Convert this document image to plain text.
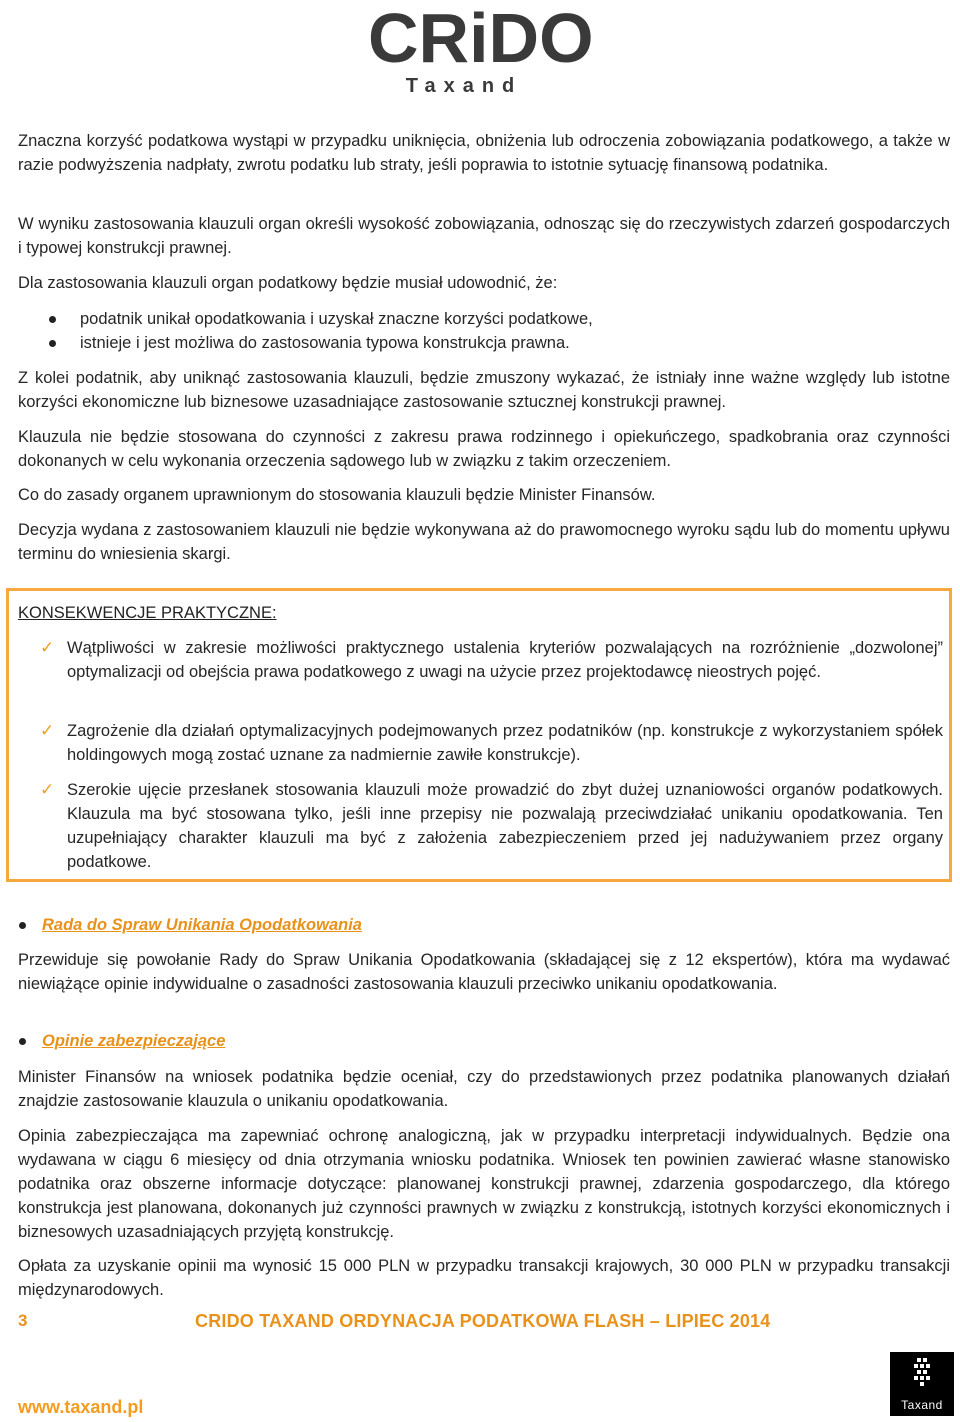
CRiDO
Taxand

Znaczna korzyść podatkowa wystąpi w przypadku uniknięcia, obniżenia lub odroczenia zobowiązania podatkowego, a także w razie podwyższenia nadpłaty, zwrotu podatku lub straty, jeśli poprawia to istotnie sytuację finansową podatnika.

W wyniku zastosowania klauzuli organ określi wysokość zobowiązania, odnosząc się do rzeczywistych zdarzeń gospodarczych i typowej konstrukcji prawnej.

Dla zastosowania klauzuli organ podatkowy będzie musiał udowodnić, że:

podatnik unikał opodatkowania i uzyskał znaczne korzyści podatkowe,
istnieje i jest możliwa do zastosowania typowa konstrukcja prawna.

Z kolei podatnik, aby uniknąć zastosowania klauzuli, będzie zmuszony wykazać, że istniały inne ważne względy lub istotne korzyści ekonomiczne lub biznesowe uzasadniające zastosowanie sztucznej konstrukcji prawnej.

Klauzula nie będzie stosowana do czynności z zakresu prawa rodzinnego i opiekuńczego, spadkobrania oraz czynności dokonanych w celu wykonania orzeczenia sądowego lub w związku z takim orzeczeniem.

Co do zasady organem uprawnionym do stosowania klauzuli będzie Minister Finansów.

Decyzja wydana z zastosowaniem klauzuli nie będzie wykonywana aż do prawomocnego wyroku sądu lub do momentu upływu terminu do wniesienia skargi.

KONSEKWENCJE PRAKTYCZNE:
✓ Wątpliwości w zakresie możliwości praktycznego ustalenia kryteriów pozwalających na rozróżnienie „dozwolonej” optymalizacji od obejścia prawa podatkowego z uwagi na użycie przez projektodawcę nieostrych pojęć.

✓ Zagrożenie dla działań optymalizacyjnych podejmowanych przez podatników (np. konstrukcje z wykorzystaniem spółek holdingowych mogą zostać uznane za nadmiernie zawiłe konstrukcje).

✓ Szerokie ujęcie przesłanek stosowania klauzuli może prowadzić do zbyt dużej uznaniowości organów podatkowych. Klauzula ma być stosowana tylko, jeśli inne przepisy nie pozwalają przeciwdziałać unikaniu opodatkowania. Ten uzupełniający charakter klauzuli ma być z założenia zabezpieczeniem przed jej nadużywaniem przez organy podatkowe.

Rada do Spraw Unikania Opodatkowania

Przewiduje się powołanie Rady do Spraw Unikania Opodatkowania (składającej się z 12 ekspertów), która ma wydawać niewiążące opinie indywidualne o zasadności zastosowania klauzuli przeciwko unikaniu opodatkowania.

Opinie zabezpieczające

Minister Finansów na wniosek podatnika będzie oceniał, czy do przedstawionych przez podatnika planowanych działań znajdzie zastosowanie klauzula o unikaniu opodatkowania.

Opinia zabezpieczająca ma zapewniać ochronę analogiczną, jak w przypadku interpretacji indywidualnych. Będzie ona wydawana w ciągu 6 miesięcy od dnia otrzymania wniosku podatnika. Wniosek ten powinien zawierać własne stanowisko podatnika oraz obszerne informacje dotyczące: planowanej konstrukcji prawnej, zdarzenia gospodarczego, dla którego konstrukcja jest planowana, dokonanych już czynności prawnych w związku z konstrukcją, istotnych korzyści ekonomicznych i biznesowych uzasadniających przyjętą konstrukcję.

Opłata za uzyskanie opinii ma wynosić 15 000 PLN w przypadku transakcji krajowych, 30 000 PLN w przypadku transakcji międzynarodowych.

3	CRIDO TAXAND ORDYNACJA PODATKOWA FLASH – LIPIEC 2014
www.taxand.pl	Taxand
